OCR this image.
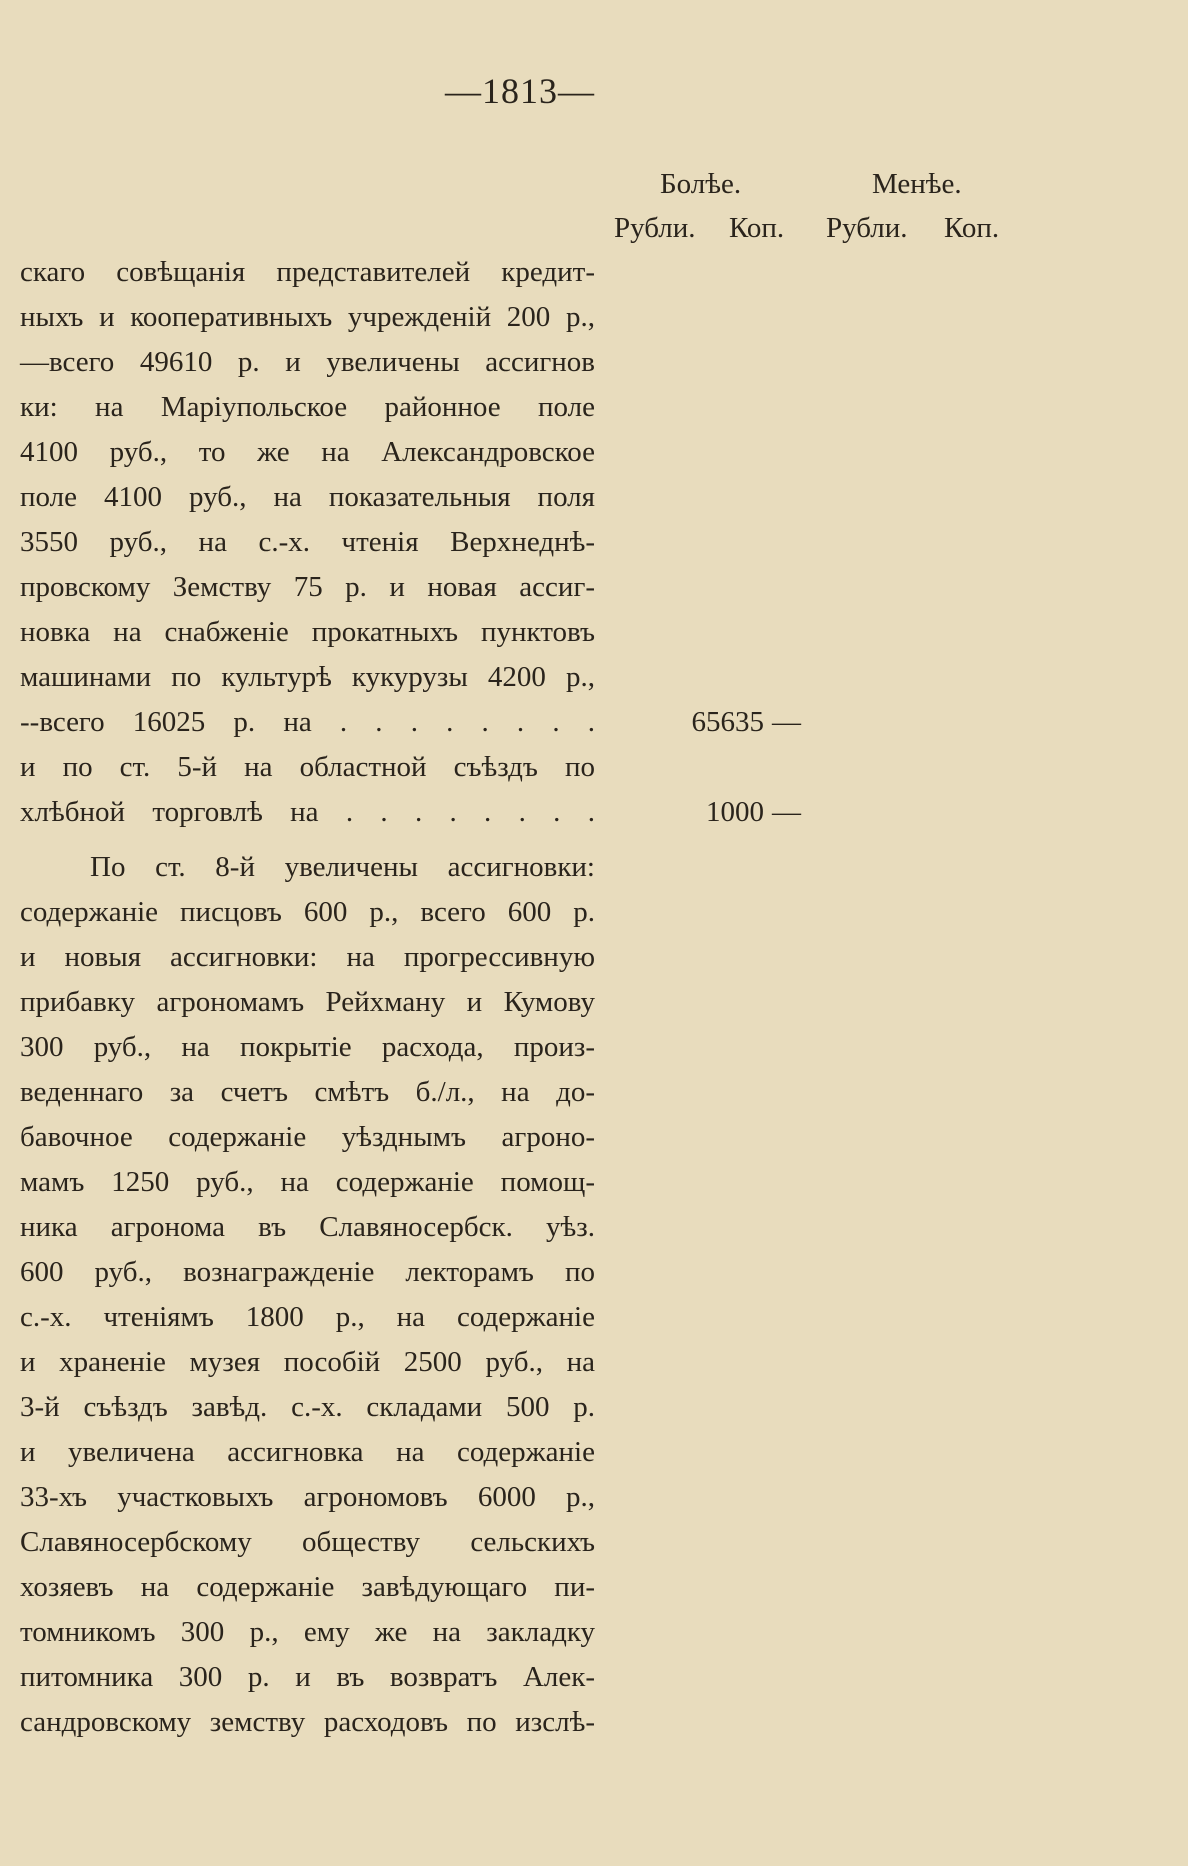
—1813—
Болѣе.	Менѣе.
Рубли. Коп. Рубли. Коп.
скаго совѣщанія представителей кредит-
ныхъ и кооперативныхъ учрежденій 200 р.,
—всего 49610 р. и увеличены ассигнов
ки: на Маріупольское районное поле
4100 руб., то же на Александровское
поле 4100 руб., на показательныя поля
3550 руб., на с.-х. чтенія Верхнеднѣ-
провскому Земству 75 р. и новая ассиг-
новка на снабженіе прокатныхъ пунктовъ
машинами по культурѣ кукурузы 4200 р.,
--всего 16025 р. на . . . . . . . .
и по ст. 5-й на областной съѣздъ по
хлѣбной торговлѣ на . . . . . . . .
По ст. 8-й увеличены ассигновки:
содержаніе писцовъ 600 р., всего 600 р.
и новыя ассигновки: на прогрессивную
прибавку агрономамъ Рейхману и Кумову
300 руб., на покрытіе расхода, произ-
веденнаго за счетъ смѣтъ б./л., на до-
бавочное содержаніе уѣзднымъ агроно-
мамъ 1250 руб., на содержаніе помощ-
ника агронома въ Славяносербск. уѣз.
600 руб., вознагражденіе лекторамъ по
с.-х. чтеніямъ 1800 р., на содержаніе
и храненіе музея пособій 2500 руб., на
3-й съѣздъ завѣд. с.-х. складами 500 р.
и увеличена ассигновка на содержаніе
33-хъ участковыхъ агрономовъ 6000 р.,
Славяносербскому обществу сельскихъ
хозяевъ на содержаніе завѣдующаго пи-
томникомъ 300 р., ему же на закладку
питомника 300 р. и въ возвратъ Алек-
сандровскому земству расходовъ по изслѣ-
65635 —
1000 —
